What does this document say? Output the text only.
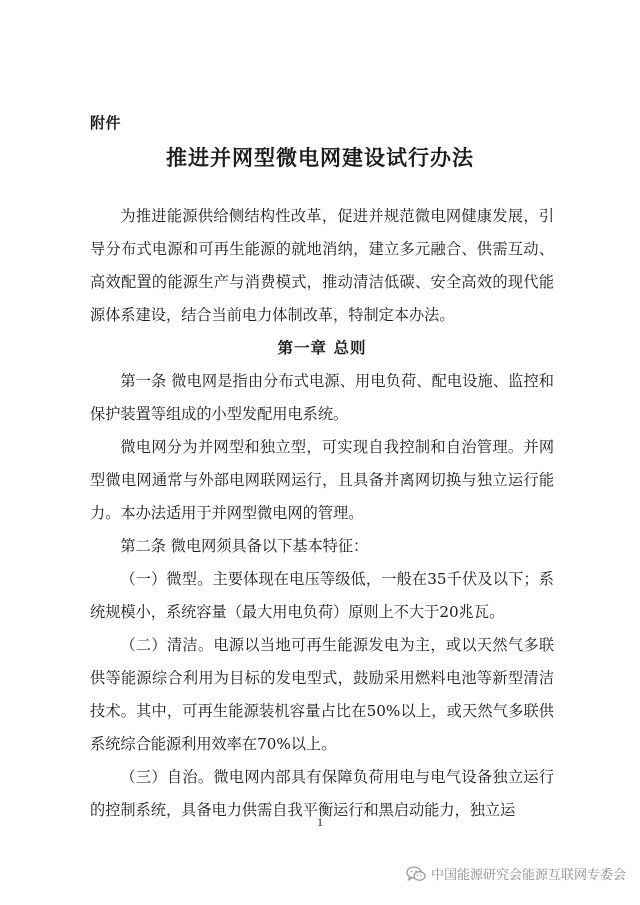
附件
推进并网型微电网建设试行办法

为推进能源供给侧结构性改革，促进并规范微电网健康发展，引导分布式电源和可再生能源的就地消纳，建立多元融合、供需互动、高效配置的能源生产与消费模式，推动清洁低碳、安全高效的现代能源体系建设，结合当前电力体制改革，特制定本办法。

第一章 总则

第一条 微电网是指由分布式电源、用电负荷、配电设施、监控和保护装置等组成的小型发配用电系统。

微电网分为并网型和独立型，可实现自我控制和自治管理。并网型微电网通常与外部电网联网运行，且具备并离网切换与独立运行能力。本办法适用于并网型微电网的管理。

第二条 微电网须具备以下基本特征：

（一）微型。主要体现在电压等级低，一般在35千伏及以下；系统规模小，系统容量（最大用电负荷）原则上不大于20兆瓦。

（二）清洁。电源以当地可再生能源发电为主，或以天然气多联供等能源综合利用为目标的发电型式，鼓励采用燃料电池等新型清洁技术。其中，可再生能源装机容量占比在50%以上，或天然气多联供系统综合能源利用效率在70%以上。

（三）自治。微电网内部具有保障负荷用电与电气设备独立运行的控制系统，具备电力供需自我平衡运行和黑启动能力，独立运

1
中国能源研究会能源互联网专委会
